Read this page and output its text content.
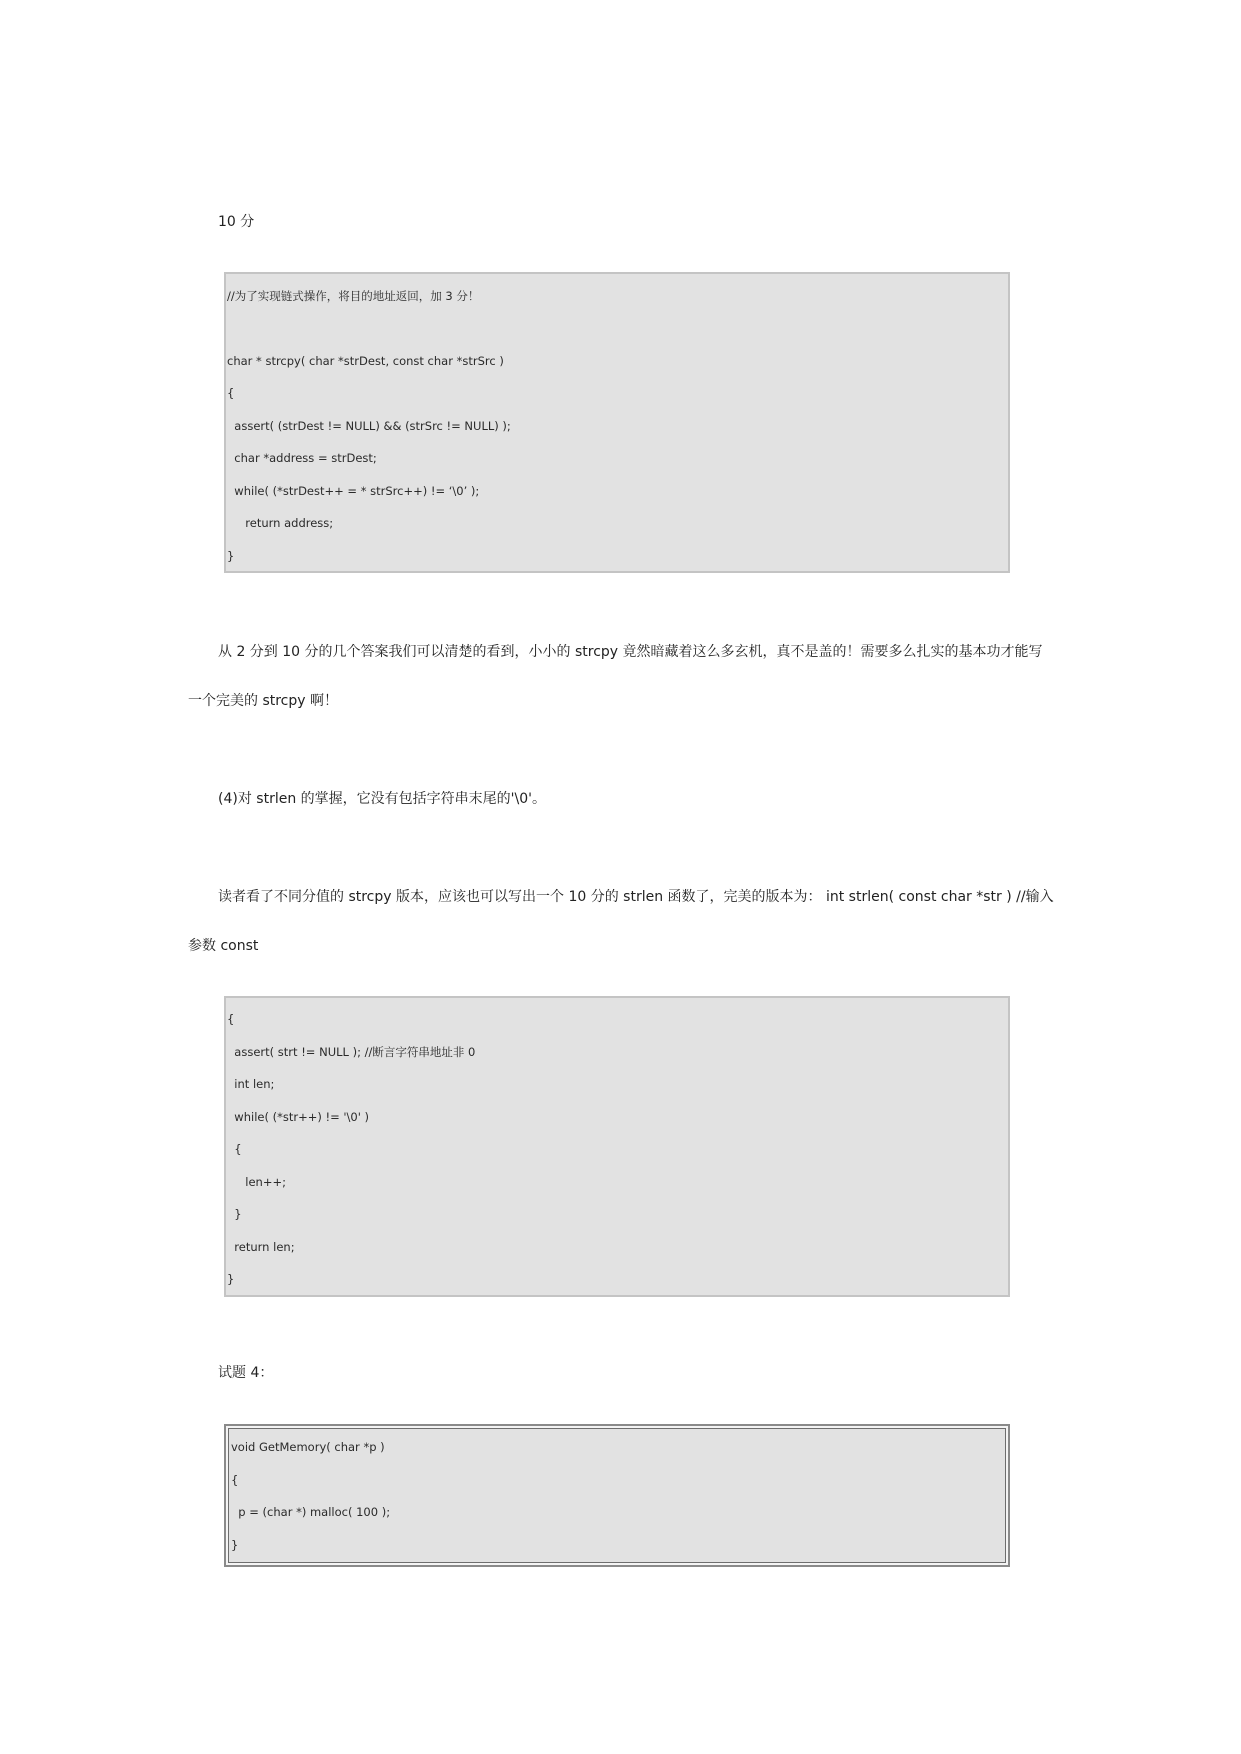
10 分

//为了实现链式操作，将目的地址返回，加 3 分！

char * strcpy( char *strDest, const char *strSrc )

{

assert( (strDest != NULL) && (strSrc != NULL) );

char *address = strDest;

while( (*strDest++ = * strSrc++) != ‘\0’ );

return address;

}

从 2 分到 10 分的几个答案我们可以清楚的看到，小小的 strcpy 竟然暗藏着这么多玄机，真不是盖的！需要多么扎实的基本功才能写

一个完美的 strcpy 啊！

(4)对 strlen 的掌握，它没有包括字符串末尾的'\0'。

读者看了不同分值的 strcpy 版本，应该也可以写出一个 10 分的 strlen 函数了，完美的版本为： int strlen( const char *str ) //输入

参数 const

{

assert( strt != NULL ); //断言字符串地址非 0

int len;

while( (*str++) != '\0' )

{

len++;

}

return len;

}

试题 4：

void GetMemory( char *p )

{

p = (char *) malloc( 100 );

}
